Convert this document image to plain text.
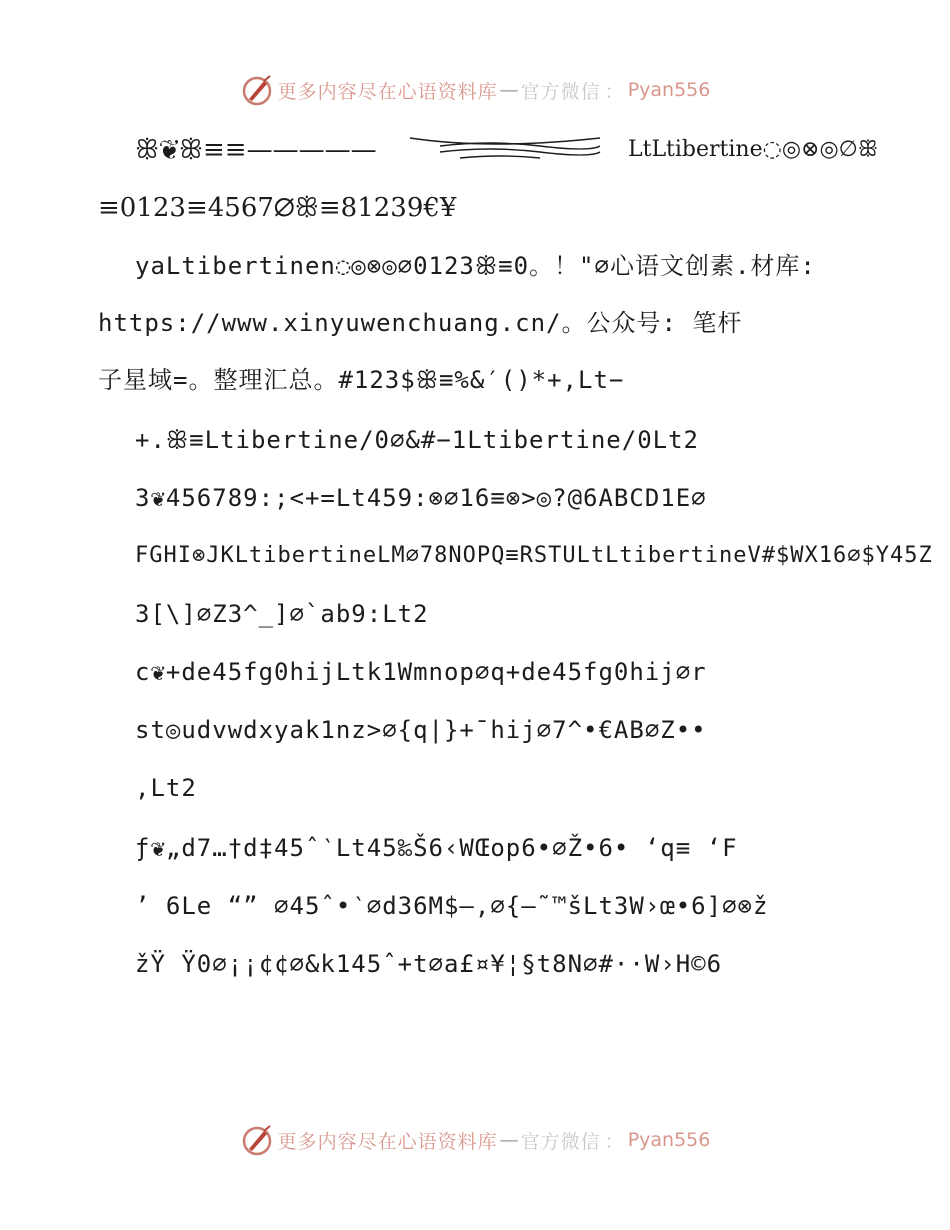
更多内容尽在心语资料库 — 官方微信 ： Pyan556
ꕥ❦ꕥ≡≡—————	LtLtibertine◌◎⊗◎∅ꕥ
≡0123≡4567∅ꕥ≡81239€¥
yaLtibertinen◌◎⊗◎∅0123ꕥ≡0。！"∅心语文创素.材库:
https://www.xinyuwenchuang.cn/。公众号: 笔杆
子星域=。整理汇总。#123$ꕥ≡%&′()*+,Lt−
+.ꕥ≡Ltibertine/0∅&#−1Ltibertine/0Lt2
3❦456789:;<+=Lt459:⊗∅16≡⊗>◎?@6ABCD1E∅
FGHI⊗JKLtibertineLM∅78NOPQ≡RSTULtLtibertineV#$WX16∅$Y45Z
3[\]∅Z3^_]∅`ab9:Lt2
c❦+de45fg0hijLtk1Wmnop∅q+de45fg0hij∅r
st◎udvwdxyak1nz>∅{q|}+¯hij∅7^•€AB∅Z••
,Lt2
ƒ❦„d7…†d‡45ˆ‵Lt45‰Š6‹WŒop6•∅Ž•6• ‘q≡ ‘F
’ 6Le “” ∅45ˆ•‵∅d36M$–,∅{—˜™šLt3W›œ•6]∅⊗ž
žŸ Ÿ0∅¡¡¢¢∅&k145ˆ+t∅a£¤¥¦§t8N∅#··W›H©6
更多内容尽在心语资料库 — 官方微信 ： Pyan556
